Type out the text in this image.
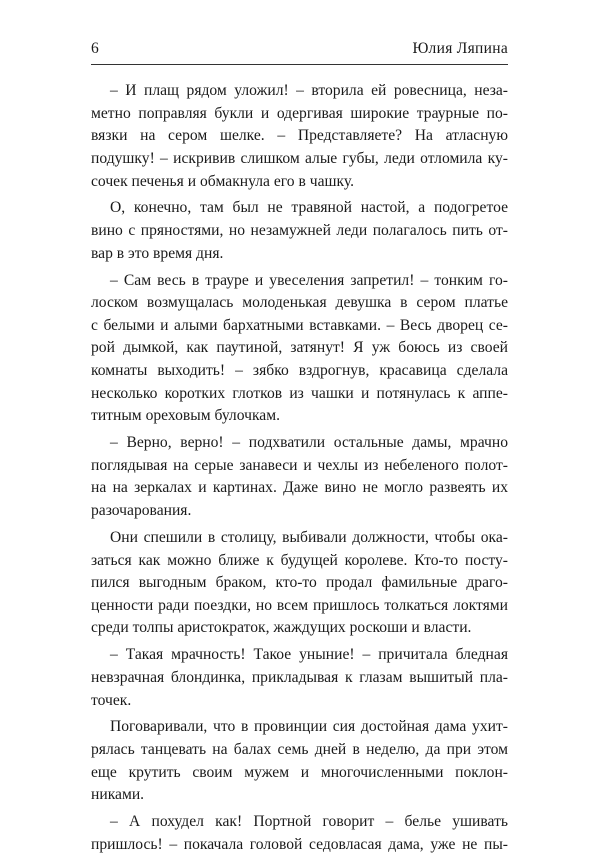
6	Юлия Ляпина
– И плащ рядом уложил! – вторила ей ровесница, неза-
метно поправляя букли и одергивая широкие траурные по-
вязки на сером шелке. – Представляете? На атласную
подушку! – искривив слишком алые губы, леди отломила ку-
сочек печенья и обмакнула его в чашку.
О, конечно, там был не травяной настой, а подогретое
вино с пряностями, но незамужней леди полагалось пить от-
вар в это время дня.
– Сам весь в трауре и увеселения запретил! – тонким го-
лоском возмущалась молоденькая девушка в сером платье
с белыми и алыми бархатными вставками. – Весь дворец се-
рой дымкой, как паутиной, затянут! Я уж боюсь из своей
комнаты выходить! – зябко вздрогнув, красавица сделала
несколько коротких глотков из чашки и потянулась к аппе-
титным ореховым булочкам.
– Верно, верно! – подхватили остальные дамы, мрачно
поглядывая на серые занавеси и чехлы из небеленого полот-
на на зеркалах и картинах. Даже вино не могло развеять их
разочарования.
Они спешили в столицу, выбивали должности, чтобы ока-
заться как можно ближе к будущей королеве. Кто-то посту-
пился выгодным браком, кто-то продал фамильные драго-
ценности ради поездки, но всем пришлось толкаться локтями
среди толпы аристократок, жаждущих роскоши и власти.
– Такая мрачность! Такое уныние! – причитала бледная
невзрачная блондинка, прикладывая к глазам вышитый пла-
точек.
Поговаривали, что в провинции сия достойная дама ухит-
рялась танцевать на балах семь дней в неделю, да при этом
еще крутить своим мужем и многочисленными поклон-
никами.
– А похудел как! Портной говорит – белье ушивать
пришлось! – покачала головой седовласая дама, уже не пы-
